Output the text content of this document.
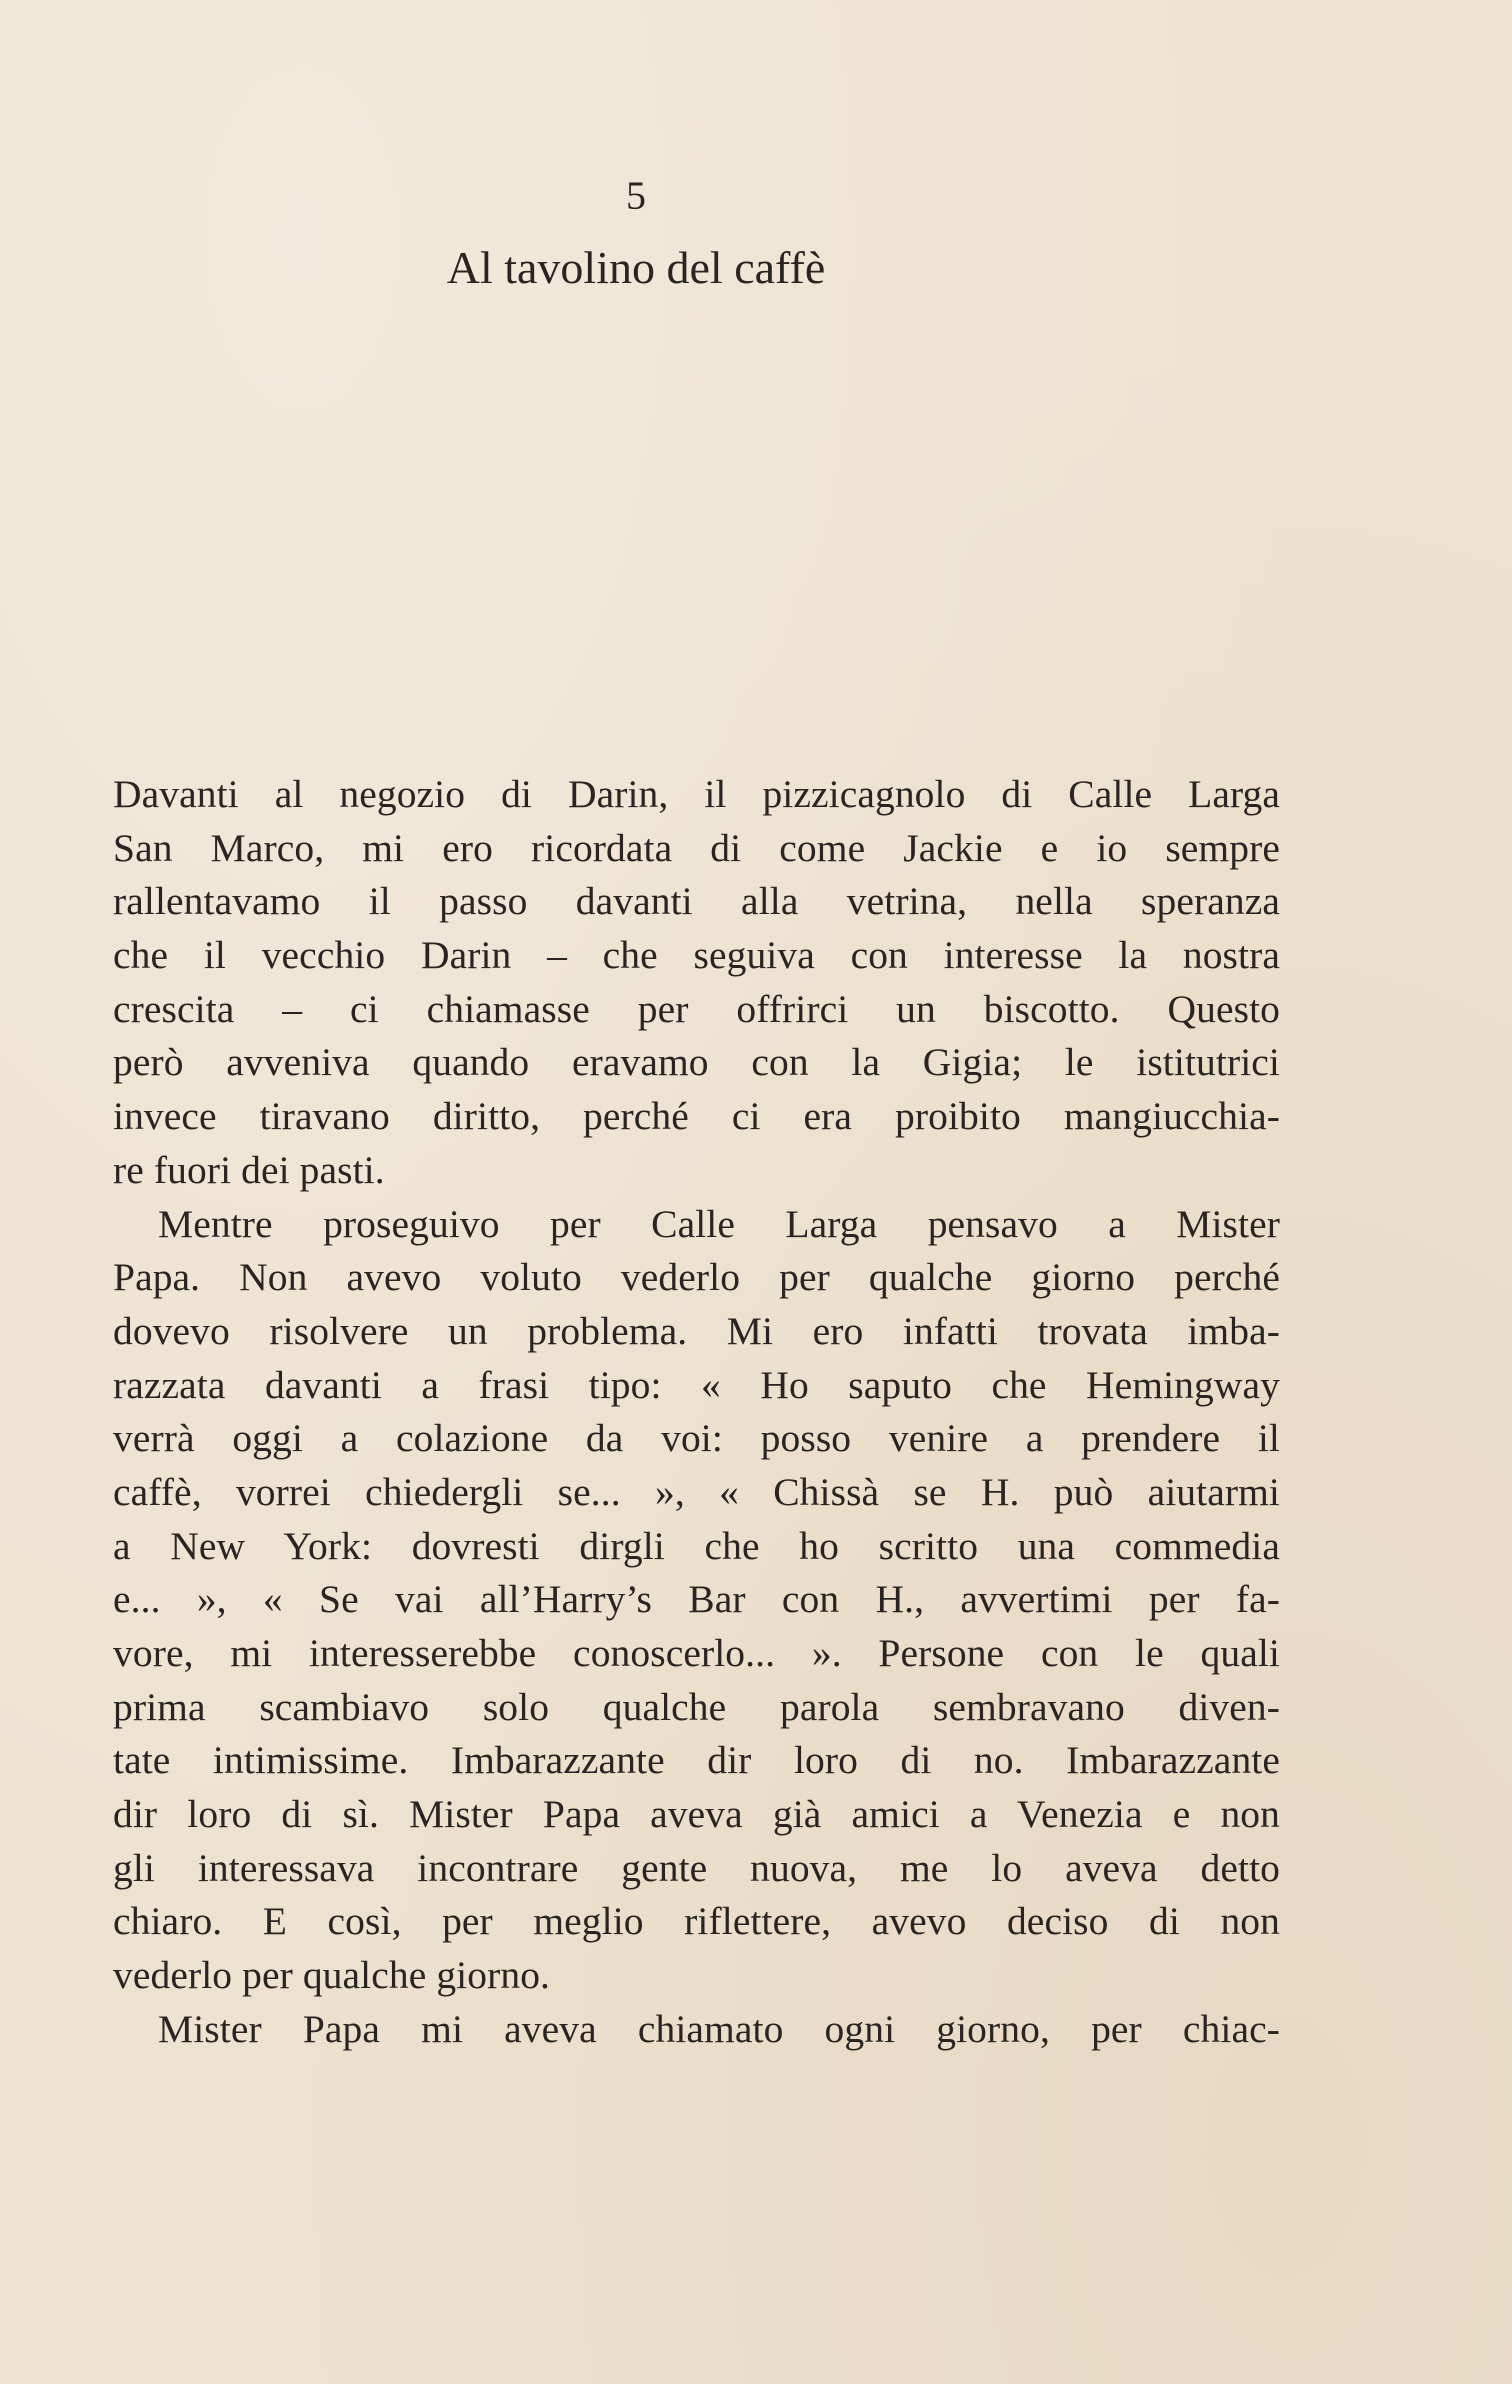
5
Al tavolino del caffè
Davanti al negozio di Darin, il pizzicagnolo di Calle Larga
San Marco, mi ero ricordata di come Jackie e io sempre
rallentavamo il passo davanti alla vetrina, nella speranza
che il vecchio Darin – che seguiva con interesse la nostra
crescita – ci chiamasse per offrirci un biscotto. Questo
però avveniva quando eravamo con la Gigia; le istitutrici
invece tiravano diritto, perché ci era proibito mangiucchia-
re fuori dei pasti.
Mentre proseguivo per Calle Larga pensavo a Mister
Papa. Non avevo voluto vederlo per qualche giorno perché
dovevo risolvere un problema. Mi ero infatti trovata imba-
razzata davanti a frasi tipo: « Ho saputo che Hemingway
verrà oggi a colazione da voi: posso venire a prendere il
caffè, vorrei chiedergli se... », « Chissà se H. può aiutarmi
a New York: dovresti dirgli che ho scritto una commedia
e... », « Se vai all’Harry’s Bar con H., avvertimi per fa-
vore, mi interesserebbe conoscerlo... ». Persone con le quali
prima scambiavo solo qualche parola sembravano diven-
tate intimissime. Imbarazzante dir loro di no. Imbarazzante
dir loro di sì. Mister Papa aveva già amici a Venezia e non
gli interessava incontrare gente nuova, me lo aveva detto
chiaro. E così, per meglio riflettere, avevo deciso di non
vederlo per qualche giorno.
Mister Papa mi aveva chiamato ogni giorno, per chiac-
